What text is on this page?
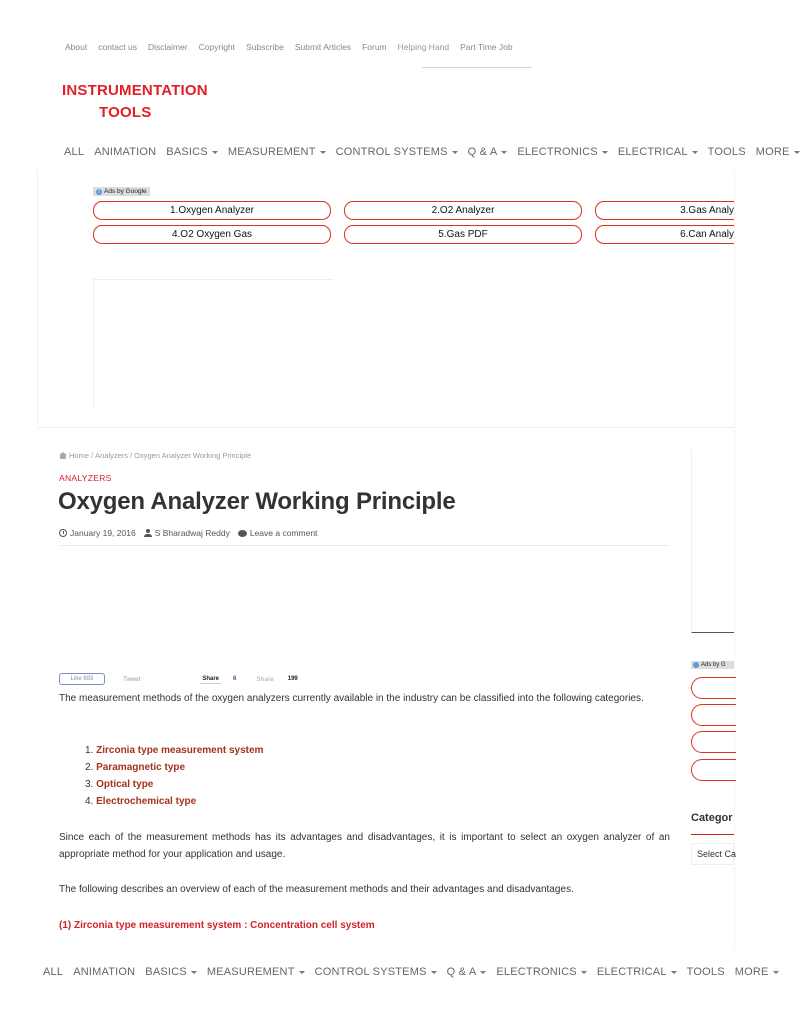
About contact us Disclaimer Copyright Subscribe Submit Articles Forum Helping Hand Part Time Job
INSTRUMENTATION
TOOLS
ALL ANIMATION BASICS MEASUREMENT CONTROL SYSTEMS Q & A ELECTRONICS ELECTRICAL TOOLS MORE
i Ads by Google
1.Oxygen Analyzer	2.O2 Analyzer	3.Gas Analy
4.O2 Oxygen Gas	5.Gas PDF	6.Can Analy
Home / Analyzers / Oxygen Analyzer Working Principle
ANALYZERS
Oxygen Analyzer Working Principle
January 19, 2016 S Bharadwaj Reddy Leave a comment
Like 693	Tweet	Share	6	Share 199

The measurement methods of the oxygen analyzers currently available in the industry can be classified into the following categories.

1. Zirconia type measurement system
2. Paramagnetic type
3. Optical type
4. Electrochemical type

Since each of the measurement methods has its advantages and disadvantages, it is important to select an oxygen analyzer of an appropriate method for your application and usage.

The following describes an overview of each of the measurement methods and their advantages and disadvantages.

(1) Zirconia type measurement system : Concentration cell system
Ads by G
Categor
Select Ca
ALL ANIMATION BASICS MEASUREMENT CONTROL SYSTEMS Q & A ELECTRONICS ELECTRICAL TOOLS MORE
